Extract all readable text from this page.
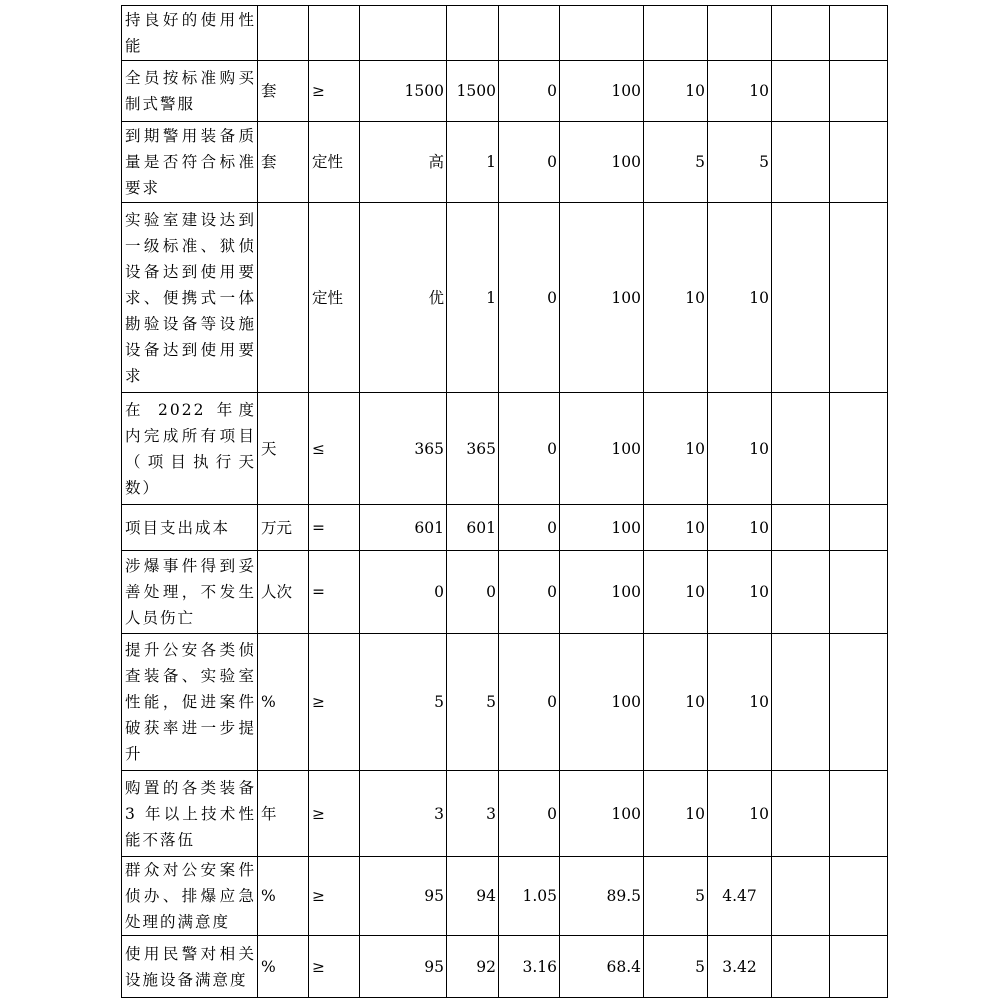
持良好的使用性能										
全员按标准购买制式警服	套	≥	1500	1500	0	100	10	10		
到期警用装备质量是否符合标准要求	套	定性	高	1	0	100	5	5		
实验室建设达到一级标准、狱侦设备达到使用要求、便携式一体勘验设备等设施设备达到使用要求		定性	优	1	0	100	10	10		
在 2022 年度内完成所有项目（项目执行天数）	天	≤	365	365	0	100	10	10		
项目支出成本	万元	=	601	601	0	100	10	10		
涉爆事件得到妥善处理，不发生人员伤亡	人次	=	0	0	0	100	10	10		
提升公安各类侦查装备、实验室性能，促进案件破获率进一步提升	%	≥	5	5	0	100	10	10		
购置的各类装备 3 年以上技术性能不落伍	年	≥	3	3	0	100	10	10		
群众对公安案件侦办、排爆应急处理的满意度	%	≥	95	94	1.05	89.5	5	4.47		
使用民警对相关设施设备满意度	%	≥	95	92	3.16	68.4	5	3.42		
